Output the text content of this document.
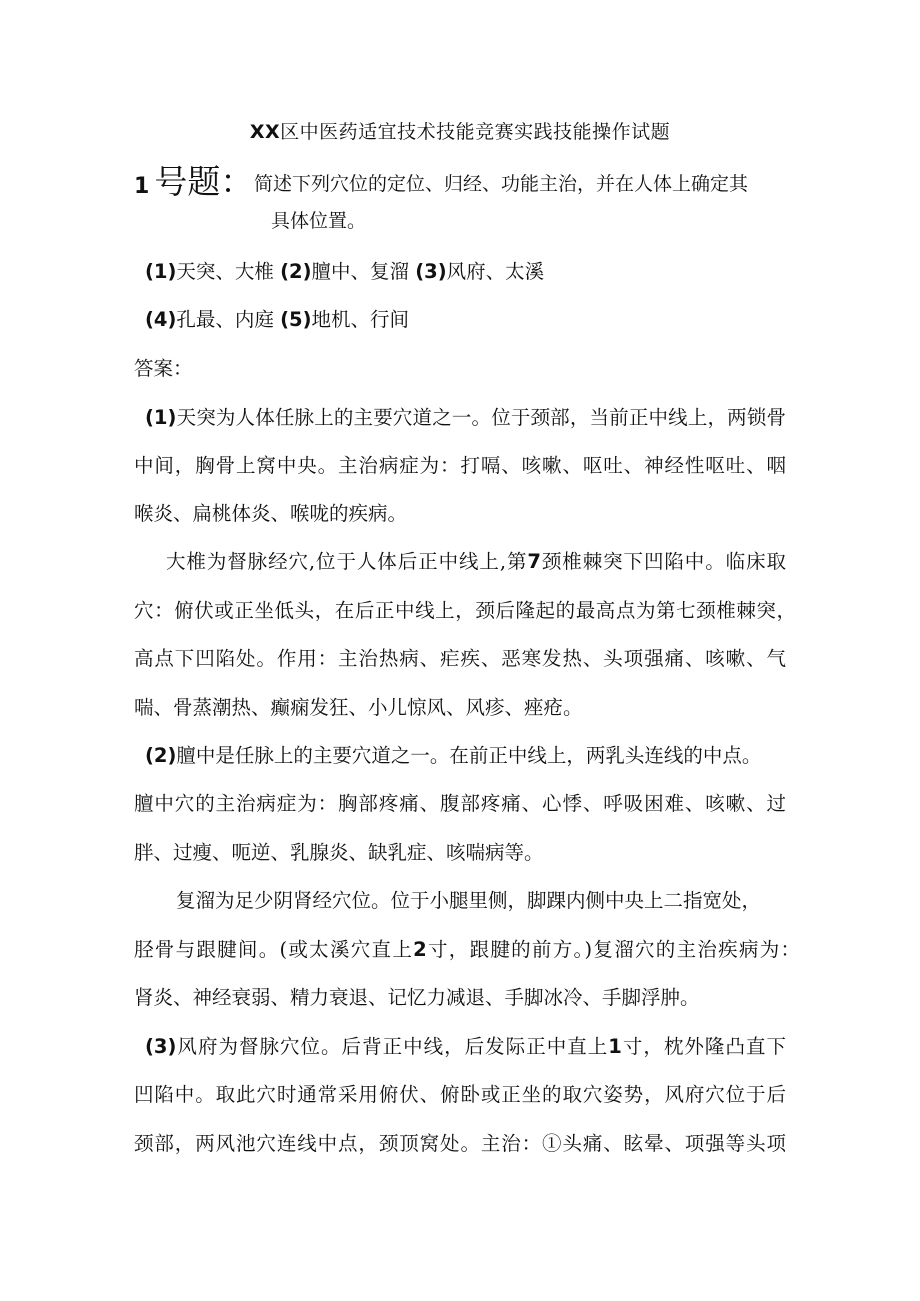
XX区中医药适宜技术技能竞赛实践技能操作试题
1 号题： 简述下列穴位的定位、归经、功能主治，并在人体上确定其
具体位置。
(1)天突、大椎 (2)膻中、复溜 (3)风府、太溪
(4)孔最、内庭 (5)地机、行间
答案：
(1)天突为人体任脉上的主要穴道之一。位于颈部，当前正中线上，两锁骨
中间，胸骨上窝中央。主治病症为：打嗝、咳嗽、呕吐、神经性呕吐、咽
喉炎、扁桃体炎、喉咙的疾病。
大椎为督脉经穴,位于人体后正中线上,第7颈椎棘突下凹陷中。临床取
穴：俯伏或正坐低头，在后正中线上，颈后隆起的最高点为第七颈椎棘突，
高点下凹陷处。作用：主治热病、疟疾、恶寒发热、头项强痛、咳嗽、气
喘、骨蒸潮热、癫痫发狂、小儿惊风、风疹、痤疮。
(2)膻中是任脉上的主要穴道之一。在前正中线上，两乳头连线的中点。
膻中穴的主治病症为：胸部疼痛、腹部疼痛、心悸、呼吸困难、咳嗽、过
胖、过瘦、呃逆、乳腺炎、缺乳症、咳喘病等。
复溜为足少阴肾经穴位。位于小腿里侧，脚踝内侧中央上二指宽处，
胫骨与跟腱间。(或太溪穴直上2寸，跟腱的前方。)复溜穴的主治疾病为：
肾炎、神经衰弱、精力衰退、记忆力减退、手脚冰冷、手脚浮肿。
(3)风府为督脉穴位。后背正中线，后发际正中直上1寸，枕外隆凸直下
凹陷中。取此穴时通常采用俯伏、俯卧或正坐的取穴姿势，风府穴位于后
颈部，两风池穴连线中点，颈顶窝处。主治：①头痛、眩晕、项强等头项
